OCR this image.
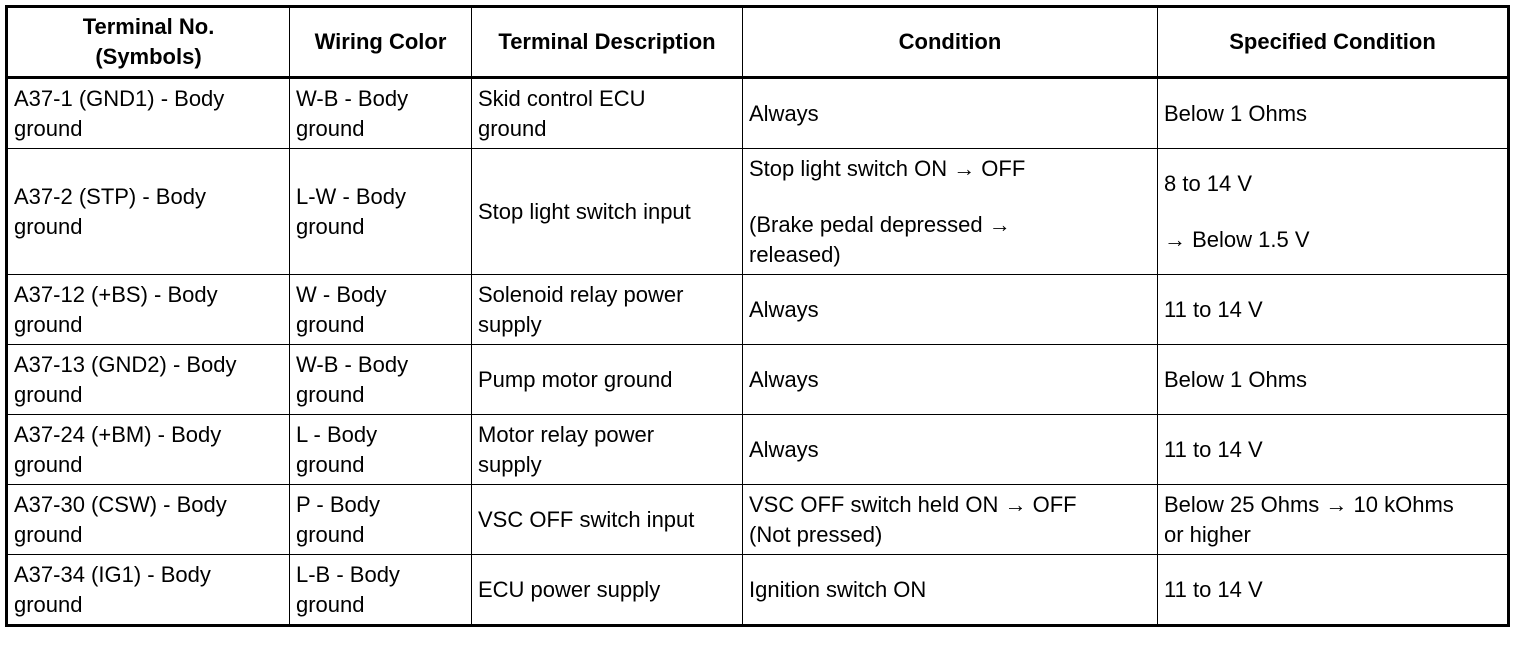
Terminal No.
(Symbols)	Wiring Color	Terminal Description	Condition	Specified Condition

A37-1 (GND1) - Body
ground	W-B - Body
ground	Skid control ECU
ground	Always	Below 1 Ohms

A37-2 (STP) - Body
ground	L-W - Body
ground	Stop light switch input	Stop light switch ON → OFF
(Brake pedal depressed →
released)	8 to 14 V
→ Below 1.5 V

A37-12 (+BS) - Body
ground	W - Body
ground	Solenoid relay power
supply	Always	11 to 14 V

A37-13 (GND2) - Body
ground	W-B - Body
ground	Pump motor ground	Always	Below 1 Ohms

A37-24 (+BM) - Body
ground	L - Body
ground	Motor relay power
supply	Always	11 to 14 V

A37-30 (CSW) - Body
ground	P - Body
ground	VSC OFF switch input	VSC OFF switch held ON → OFF
(Not pressed)	Below 25 Ohms → 10 kOhms
or higher

A37-34 (IG1) - Body
ground	L-B - Body
ground	ECU power supply	Ignition switch ON	11 to 14 V
